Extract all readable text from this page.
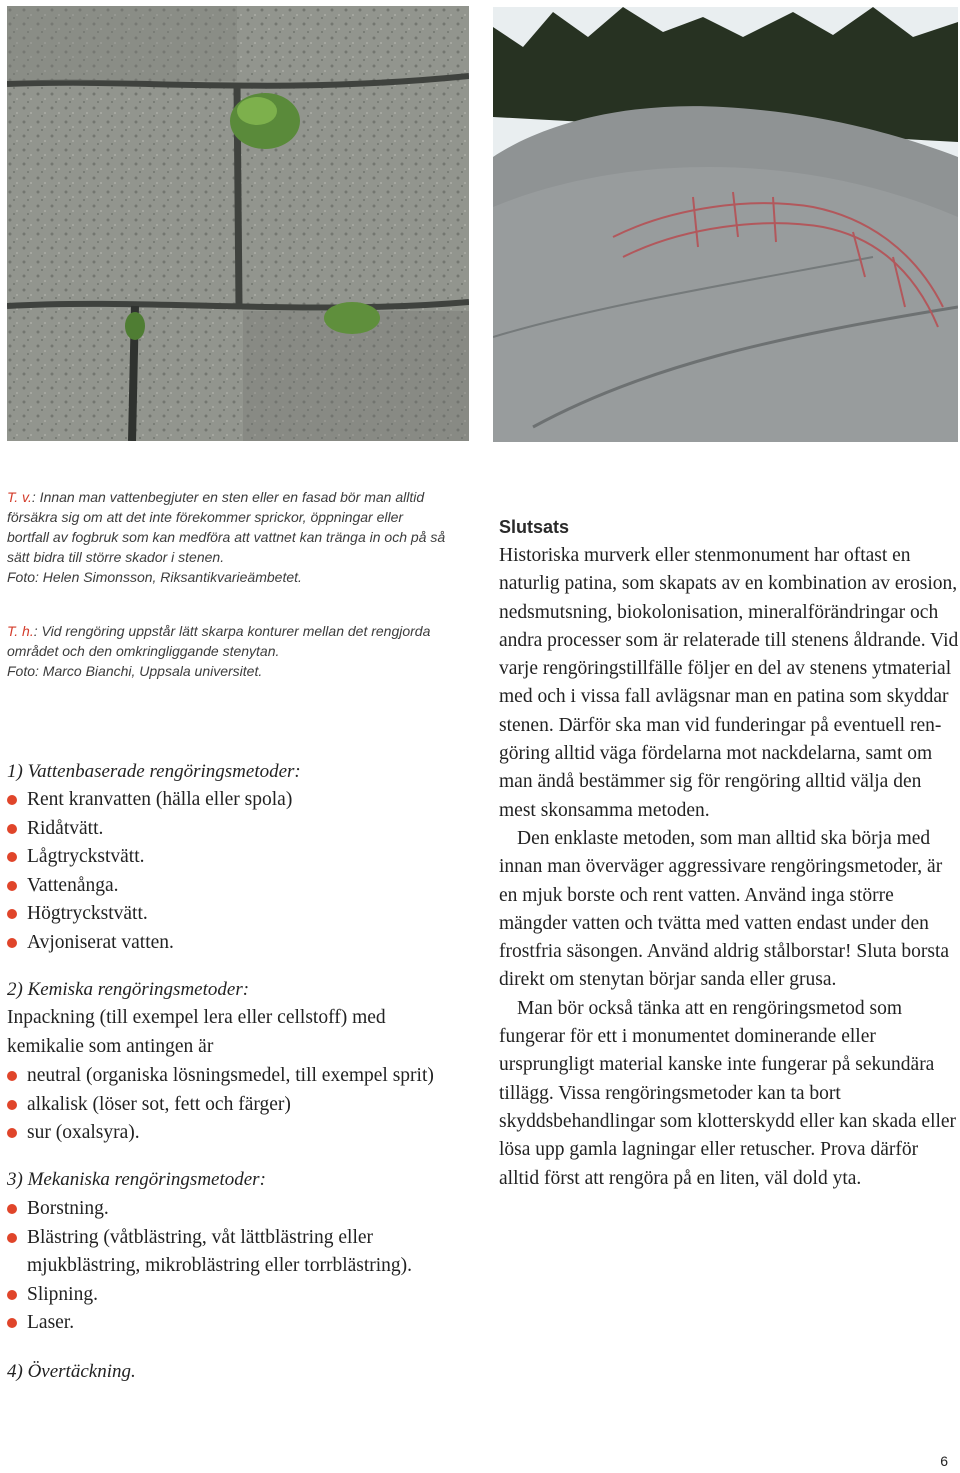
T. v.: Innan man vattenbegjuter en sten eller en fasad bör man alltid försäkra sig om att det inte förekommer sprickor, öppningar eller bortfall av fogbruk som kan medföra att vattnet kan tränga in och på så sätt bidra till större skador i stenen.
Foto: Helen Simonsson, Riksantikvarieämbetet.
T. h.: Vid rengöring uppstår lätt skarpa konturer mellan det rengjorda området och den omkringliggande stenytan.
Foto: Marco Bianchi, Uppsala universitet.
1) Vattenbaserade rengöringsmetoder:
Rent kranvatten (hälla eller spola)
Ridåtvätt.
Lågtryckstvätt.
Vattenånga.
Högtryckstvätt.
Avjoniserat vatten.
2) Kemiska rengöringsmetoder:
Inpackning (till exempel lera eller cellstoff) med kemikalie som antingen är
neutral (organiska lösningsmedel, till exempel sprit)
alkalisk (löser sot, fett och färger)
sur (oxalsyra).
3) Mekaniska rengöringsmetoder:
Borstning.
Blästring (våtblästring, våt lättblästring eller mjukblästring, mikroblästring eller torrblästring).
Slipning.
Laser.
4) Övertäckning.
Slutsats

Historiska murverk eller stenmonument har oftast en naturlig patina, som skapats av en kombination av erosion, nedsmutsning, biokolonisation, mineralförändringar och andra processer som är relaterade till stenens åldrande. Vid varje rengöringstillfälle följer en del av stenens ytmaterial med och i vissa fall avlägsnar man en patina som skyddar stenen. Därför ska man vid funderingar på eventuell rengöring alltid väga fördelarna mot nackdelarna, samt om man ändå bestämmer sig för rengöring alltid välja den mest skonsamma metoden.

Den enklaste metoden, som man alltid ska börja med innan man överväger aggressivare rengöringsmetoder, är en mjuk borste och rent vatten. Använd inga större mängder vatten och tvätta med vatten endast under den frostfria säsongen. Använd aldrig stålborstar! Sluta borsta direkt om stenytan börjar sanda eller grusa.

Man bör också tänka att en rengöringsmetod som fungerar för ett i monumentet dominerande eller ursprungligt material kanske inte fungerar på sekundära tillägg. Vissa rengöringsmetoder kan ta bort skyddsbehandlingar som klotterskydd eller kan skada eller lösa upp gamla lagningar eller retuscher. Prova därför alltid först att rengöra på en liten, väl dold yta.

6
